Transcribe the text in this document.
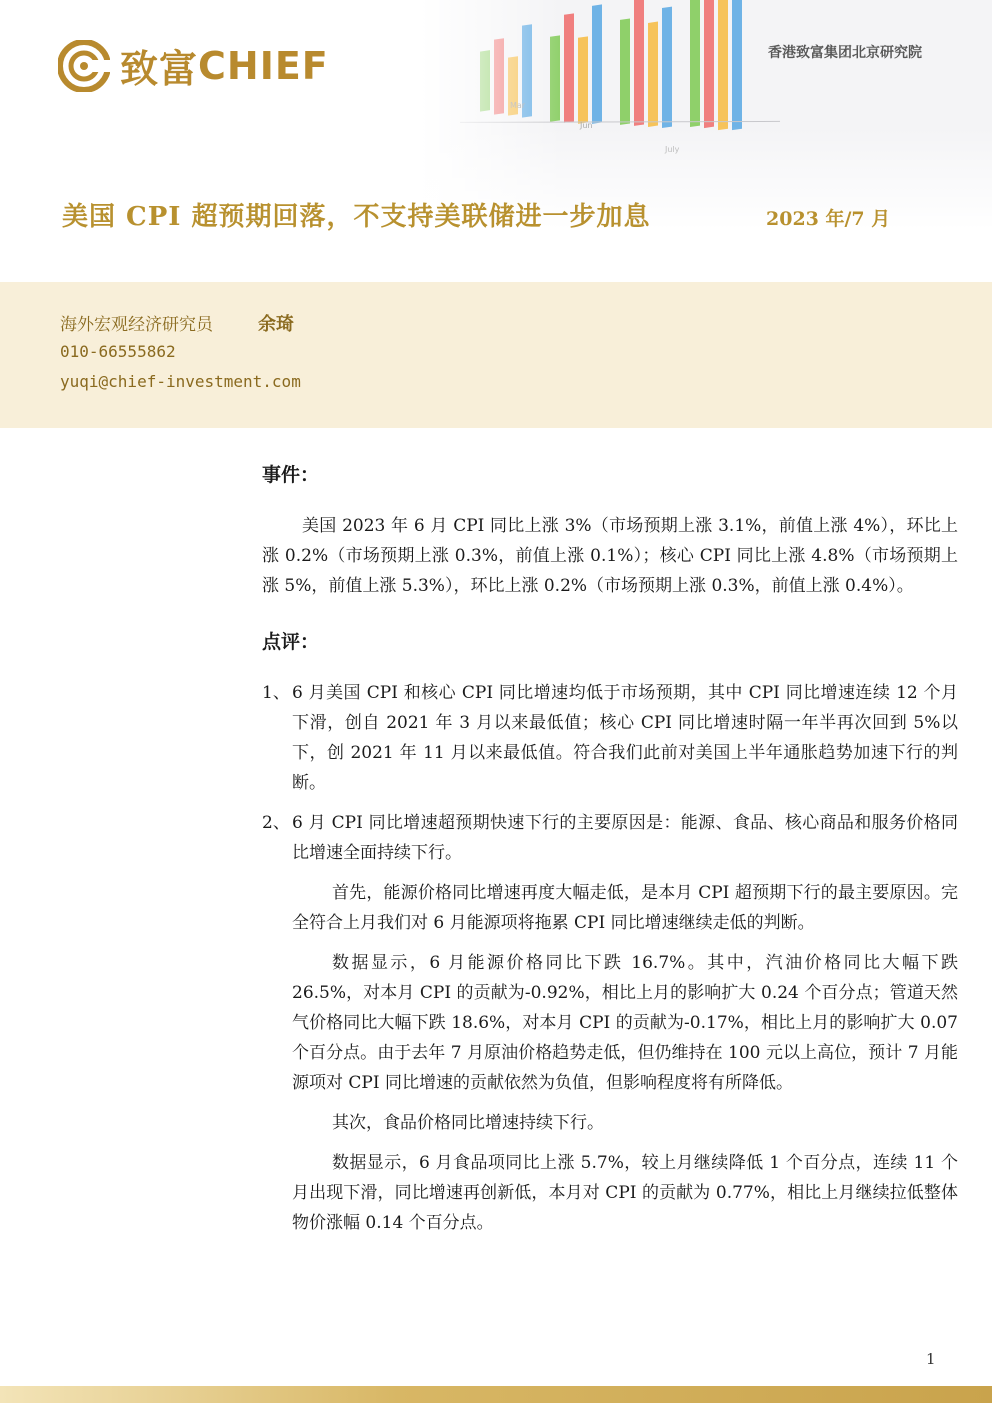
致富 CHIEF	香港致富集团北京研究院
美国 CPI 超预期回落，不支持美联储进一步加息	2023 年/7 月
海外宏观经济研究员	余琦
010-66555862
yuqi@chief-investment.com

事件：

美国 2023 年 6 月 CPI 同比上涨 3%（市场预期上涨 3.1%，前值上涨 4%），环比上涨 0.2%（市场预期上涨 0.3%，前值上涨 0.1%）；核心 CPI 同比上涨 4.8%（市场预期上涨 5%，前值上涨 5.3%），环比上涨 0.2%（市场预期上涨 0.3%，前值上涨 0.4%）。

点评：

1、 6 月美国 CPI 和核心 CPI 同比增速均低于市场预期，其中 CPI 同比增速连续 12 个月下滑，创自 2021 年 3 月以来最低值；核心 CPI 同比增速时隔一年半再次回到 5%以下，创 2021 年 11 月以来最低值。符合我们此前对美国上半年通胀趋势加速下行的判断。
2、 6 月 CPI 同比增速超预期快速下行的主要原因是：能源、食品、核心商品和服务价格同比增速全面持续下行。

首先，能源价格同比增速再度大幅走低，是本月 CPI 超预期下行的最主要原因。完全符合上月我们对 6 月能源项将拖累 CPI 同比增速继续走低的判断。

数据显示，6 月能源价格同比下跌 16.7%。其中，汽油价格同比大幅下跌 26.5%，对本月 CPI 的贡献为-0.92%，相比上月的影响扩大 0.24 个百分点；管道天然气价格同比大幅下跌 18.6%，对本月 CPI 的贡献为-0.17%，相比上月的影响扩大 0.07 个百分点。由于去年 7 月原油价格趋势走低，但仍维持在 100 元以上高位，预计 7 月能源项对 CPI 同比增速的贡献依然为负值，但影响程度将有所降低。

其次，食品价格同比增速持续下行。

数据显示，6 月食品项同比上涨 5.7%，较上月继续降低 1 个百分点，连续 11 个月出现下滑，同比增速再创新低，本月对 CPI 的贡献为 0.77%，相比上月继续拉低整体物价涨幅 0.14 个百分点。

1
